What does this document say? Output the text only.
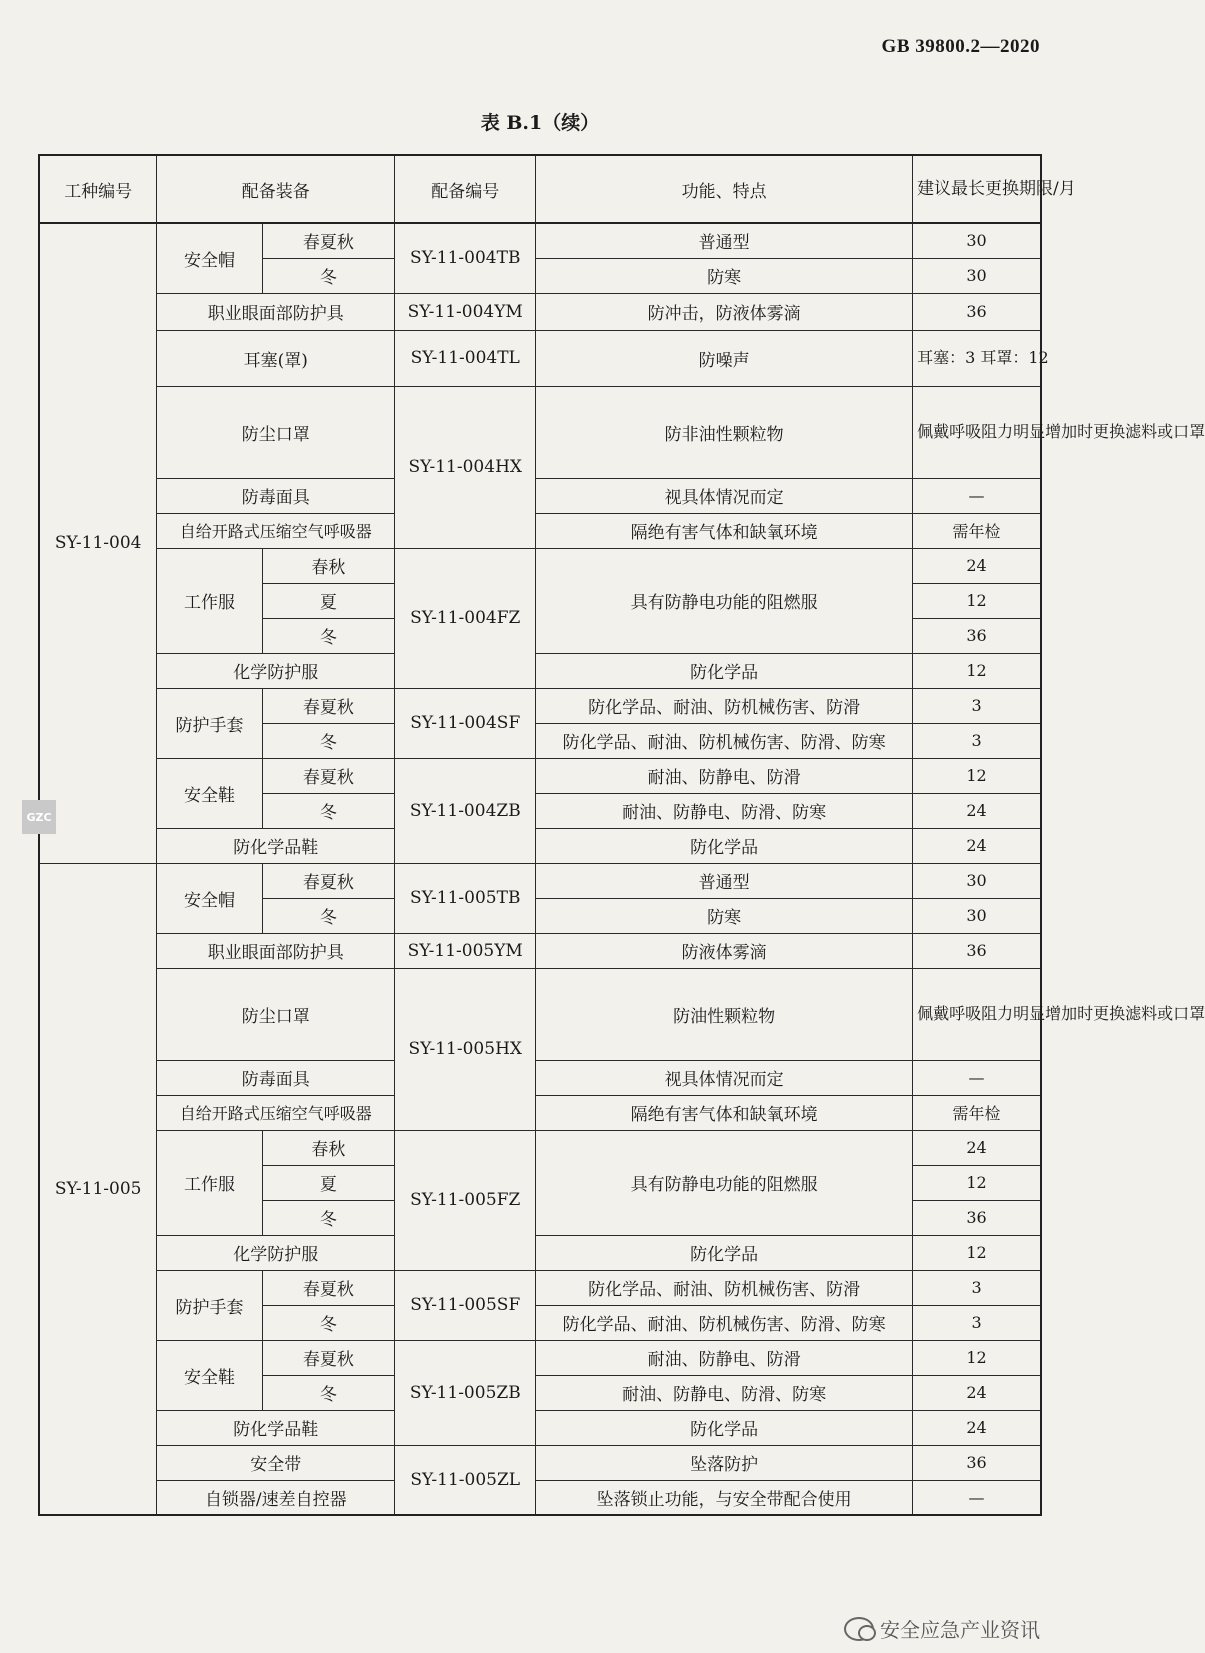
GB 39800.2—2020
表 B.1（续）
工种编号	配备装备		配备编号	功能、特点	建议最长更换期限/月
SY-11-004	安全帽	春夏秋	SY-11-004TB	普通型	30
		冬		防寒	30
	职业眼面部防护具		SY-11-004YM	防冲击，防液体雾滴	36
	耳塞(罩)		SY-11-004TL	防噪声	耳塞：3 耳罩：12
	防尘口罩		SY-11-004HX	防非油性颗粒物	佩戴呼吸阻力明显增加时更换滤料或口罩
	防毒面具			视具体情况而定	—
	自给开路式压缩空气呼吸器			隔绝有害气体和缺氧环境	需年检
	工作服	春秋	SY-11-004FZ	具有防静电功能的阻燃服	24
		夏			12
		冬			36
	化学防护服			防化学品	12
	防护手套	春夏秋	SY-11-004SF	防化学品、耐油、防机械伤害、防滑	3
		冬		防化学品、耐油、防机械伤害、防滑、防寒	3
	安全鞋	春夏秋	SY-11-004ZB	耐油、防静电、防滑	12
		冬		耐油、防静电、防滑、防寒	24
	防化学品鞋			防化学品	24
SY-11-005	安全帽	春夏秋	SY-11-005TB	普通型	30
		冬		防寒	30
	职业眼面部防护具		SY-11-005YM	防液体雾滴	36
	防尘口罩		SY-11-005HX	防油性颗粒物	佩戴呼吸阻力明显增加时更换滤料或口罩
	防毒面具			视具体情况而定	—
	自给开路式压缩空气呼吸器			隔绝有害气体和缺氧环境	需年检
	工作服	春秋	SY-11-005FZ	具有防静电功能的阻燃服	24
		夏			12
		冬			36
	化学防护服			防化学品	12
	防护手套	春夏秋	SY-11-005SF	防化学品、耐油、防机械伤害、防滑	3
		冬		防化学品、耐油、防机械伤害、防滑、防寒	3
	安全鞋	春夏秋	SY-11-005ZB	耐油、防静电、防滑	12
		冬		耐油、防静电、防滑、防寒	24
	防化学品鞋			防化学品	24
	安全带		SY-11-005ZL	坠落防护	36
	自锁器/速差自控器			坠落锁止功能，与安全带配合使用	—
GZC
安全应急产业资讯
